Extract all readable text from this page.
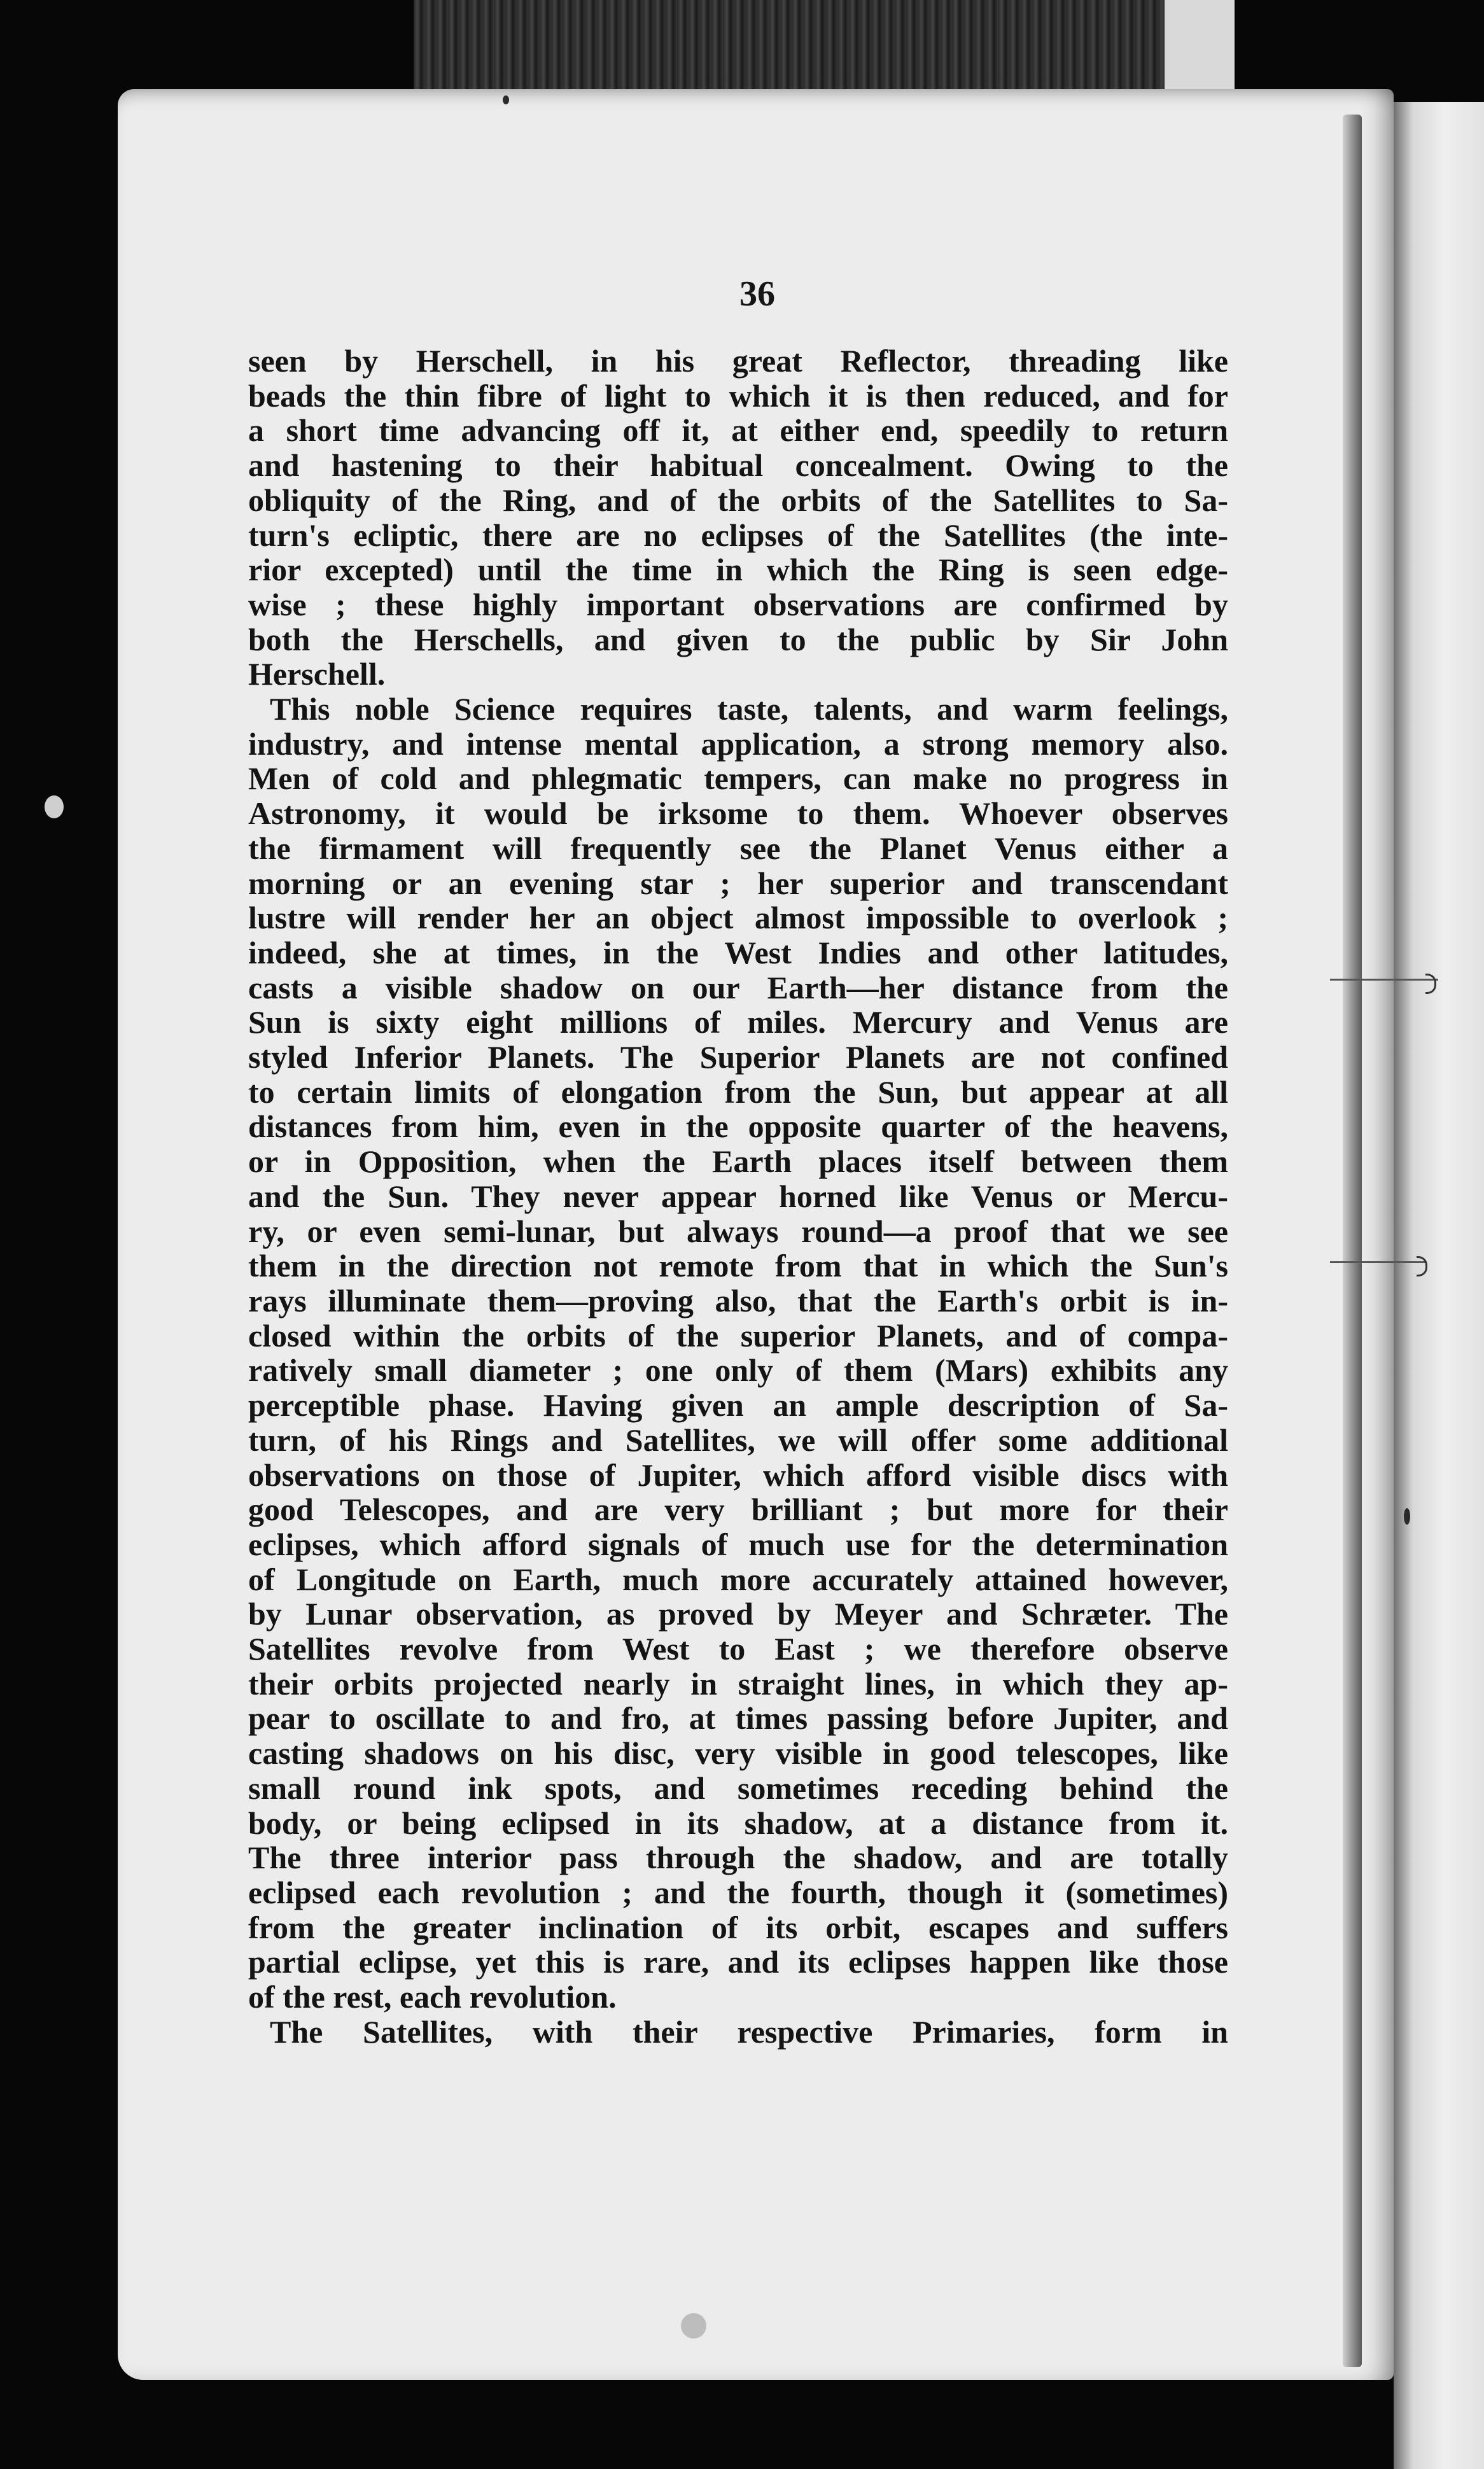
36
seen by Herschell, in his great Reflector, threading like
beads the thin fibre of light to which it is then reduced, and for
a short time advancing off it, at either end, speedily to return
and hastening to their habitual concealment. Owing to the
obliquity of the Ring, and of the orbits of the Satellites to Sa-
turn's ecliptic, there are no eclipses of the Satellites (the inte-
rior excepted) until the time in which the Ring is seen edge-
wise ; these highly important observations are confirmed by
both the Herschells, and given to the public by Sir John
Herschell.
This noble Science requires taste, talents, and warm feelings,
industry, and intense mental application, a strong memory also.
Men of cold and phlegmatic tempers, can make no progress in
Astronomy, it would be irksome to them. Whoever observes
the firmament will frequently see the Planet Venus either a
morning or an evening star ; her superior and transcendant
lustre will render her an object almost impossible to overlook ;
indeed, she at times, in the West Indies and other latitudes,
casts a visible shadow on our Earth—her distance from the
Sun is sixty eight millions of miles. Mercury and Venus are
styled Inferior Planets. The Superior Planets are not confined
to certain limits of elongation from the Sun, but appear at all
distances from him, even in the opposite quarter of the heavens,
or in Opposition, when the Earth places itself between them
and the Sun. They never appear horned like Venus or Mercu-
ry, or even semi-lunar, but always round—a proof that we see
them in the direction not remote from that in which the Sun's
rays illuminate them—proving also, that the Earth's orbit is in-
closed within the orbits of the superior Planets, and of compa-
ratively small diameter ; one only of them (Mars) exhibits any
perceptible phase. Having given an ample description of Sa-
turn, of his Rings and Satellites, we will offer some additional
observations on those of Jupiter, which afford visible discs with
good Telescopes, and are very brilliant ; but more for their
eclipses, which afford signals of much use for the determination
of Longitude on Earth, much more accurately attained however,
by Lunar observation, as proved by Meyer and Schræter. The
Satellites revolve from West to East ; we therefore observe
their orbits projected nearly in straight lines, in which they ap-
pear to oscillate to and fro, at times passing before Jupiter, and
casting shadows on his disc, very visible in good telescopes, like
small round ink spots, and sometimes receding behind the
body, or being eclipsed in its shadow, at a distance from it.
The three interior pass through the shadow, and are totally
eclipsed each revolution ; and the fourth, though it (sometimes)
from the greater inclination of its orbit, escapes and suffers
partial eclipse, yet this is rare, and its eclipses happen like those
of the rest, each revolution.
The Satellites, with their respective Primaries, form in
